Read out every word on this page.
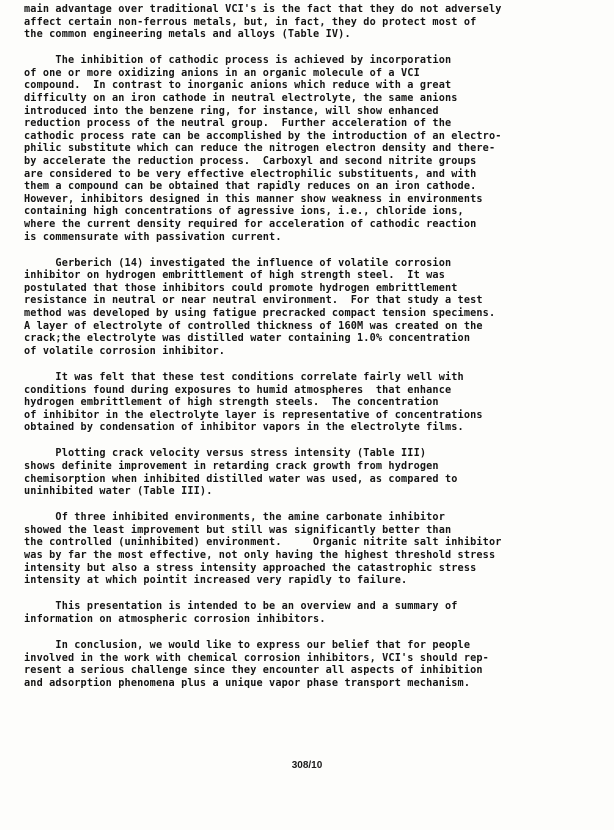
main advantage over traditional VCI's is the fact that they do not adversely
affect certain non-ferrous metals, but, in fact, they do protect most of
the common engineering metals and alloys (Table IV).
The inhibition of cathodic process is achieved by incorporation
of one or more oxidizing anions in an organic molecule of a VCI
compound.  In contrast to inorganic anions which reduce with a great
difficulty on an iron cathode in neutral electrolyte, the same anions
introduced into the benzene ring, for instance, will show enhanced
reduction process of the neutral group.  Further acceleration of the
cathodic process rate can be accomplished by the introduction of an electro-
philic substitute which can reduce the nitrogen electron density and there-
by accelerate the reduction process.  Carboxyl and second nitrite groups
are considered to be very effective electrophilic substituents, and with
them a compound can be obtained that rapidly reduces on an iron cathode.
However, inhibitors designed in this manner show weakness in environments
containing high concentrations of agressive ions, i.e., chloride ions,
where the current density required for acceleration of cathodic reaction
is commensurate with passivation current.
Gerberich (14) investigated the influence of volatile corrosion
inhibitor on hydrogen embrittlement of high strength steel.  It was
postulated that those inhibitors could promote hydrogen embrittlement
resistance in neutral or near neutral environment.  For that study a test
method was developed by using fatigue precracked compact tension specimens.
A layer of electrolyte of controlled thickness of 160M was created on the
crack;the electrolyte was distilled water containing 1.0% concentration
of volatile corrosion inhibitor.
It was felt that these test conditions correlate fairly well with
conditions found during exposures to humid atmospheres  that enhance
hydrogen embrittlement of high strength steels.  The concentration
of inhibitor in the electrolyte layer is representative of concentrations
obtained by condensation of inhibitor vapors in the electrolyte films.
Plotting crack velocity versus stress intensity (Table III)
shows definite improvement in retarding crack growth from hydrogen
chemisorption when inhibited distilled water was used, as compared to
uninhibited water (Table III).
Of three inhibited environments, the amine carbonate inhibitor
showed the least improvement but still was significantly better than
the controlled (uninhibited) environment.     Organic nitrite salt inhibitor
was by far the most effective, not only having the highest threshold stress
intensity but also a stress intensity approached the catastrophic stress
intensity at which pointit increased very rapidly to failure.
This presentation is intended to be an overview and a summary of
information on atmospheric corrosion inhibitors.
In conclusion, we would like to express our belief that for people
involved in the work with chemical corrosion inhibitors, VCI's should rep-
resent a serious challenge since they encounter all aspects of inhibition
and adsorption phenomena plus a unique vapor phase transport mechanism.
308/10
